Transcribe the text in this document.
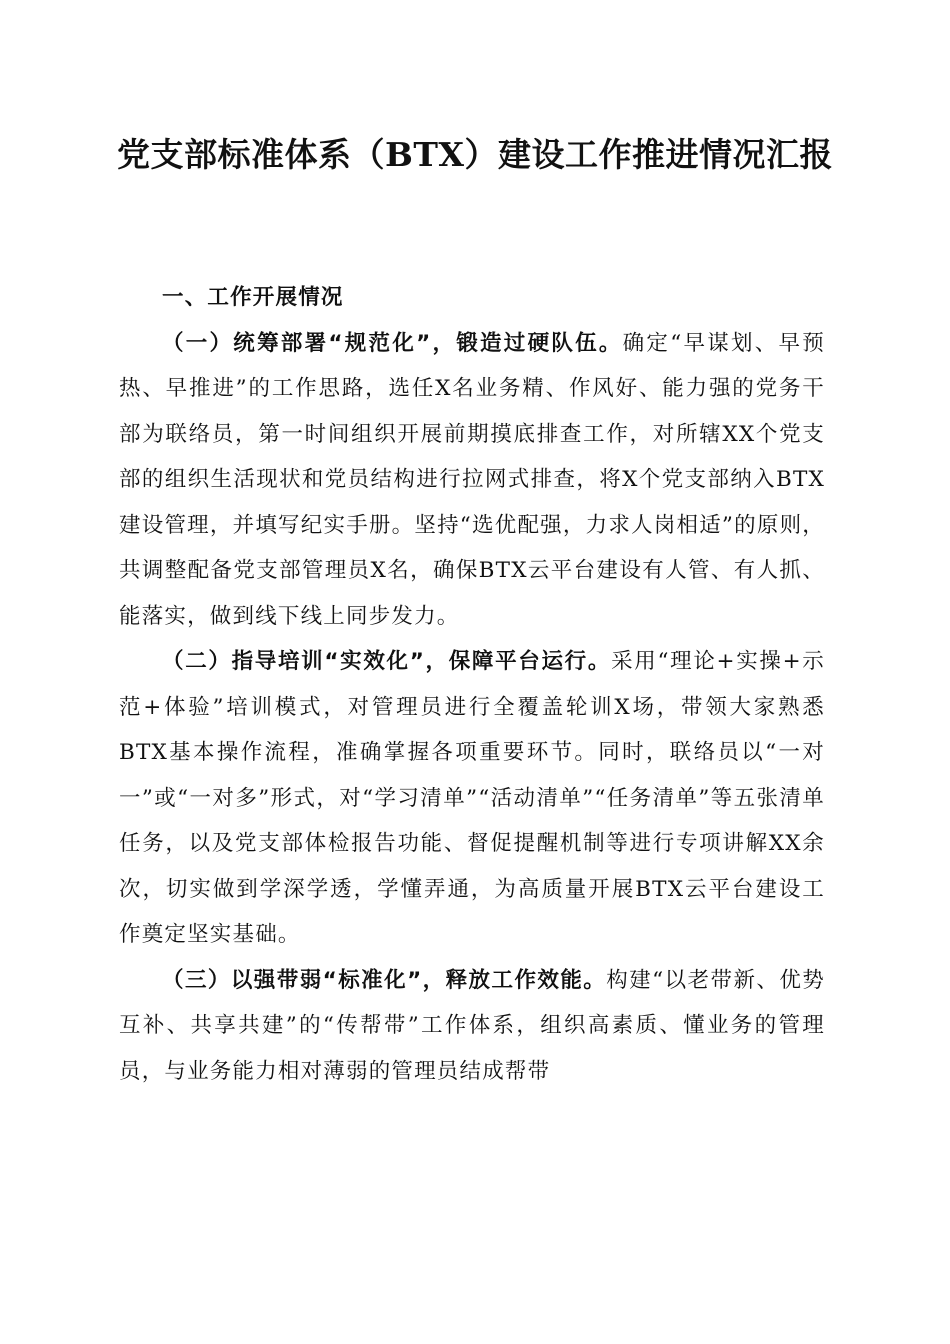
党支部标准体系（BTX）建设工作推进情况汇报

一、工作开展情况

（一）统筹部署“规范化”，锻造过硬队伍。确定“早谋划、早预热、早推进”的工作思路，选任X名业务精、作风好、能力强的党务干部为联络员，第一时间组织开展前期摸底排查工作，对所辖XX个党支部的组织生活现状和党员结构进行拉网式排查，将X个党支部纳入BTX建设管理，并填写纪实手册。坚持“选优配强，力求人岗相适”的原则，共调整配备党支部管理员X名，确保BTX云平台建设有人管、有人抓、能落实，做到线下线上同步发力。

（二）指导培训“实效化”，保障平台运行。采用“理论+实操+示范+体验”培训模式，对管理员进行全覆盖轮训X场，带领大家熟悉BTX基本操作流程，准确掌握各项重要环节。同时，联络员以“一对一”或“一对多”形式，对“学习清单”“活动清单”“任务清单”等五张清单任务，以及党支部体检报告功能、督促提醒机制等进行专项讲解XX余次，切实做到学深学透，学懂弄通，为高质量开展BTX云平台建设工作奠定坚实基础。

（三）以强带弱“标准化”，释放工作效能。构建“以老带新、优势互补、共享共建”的“传帮带”工作体系，组织高素质、懂业务的管理员，与业务能力相对薄弱的管理员结成帮带
